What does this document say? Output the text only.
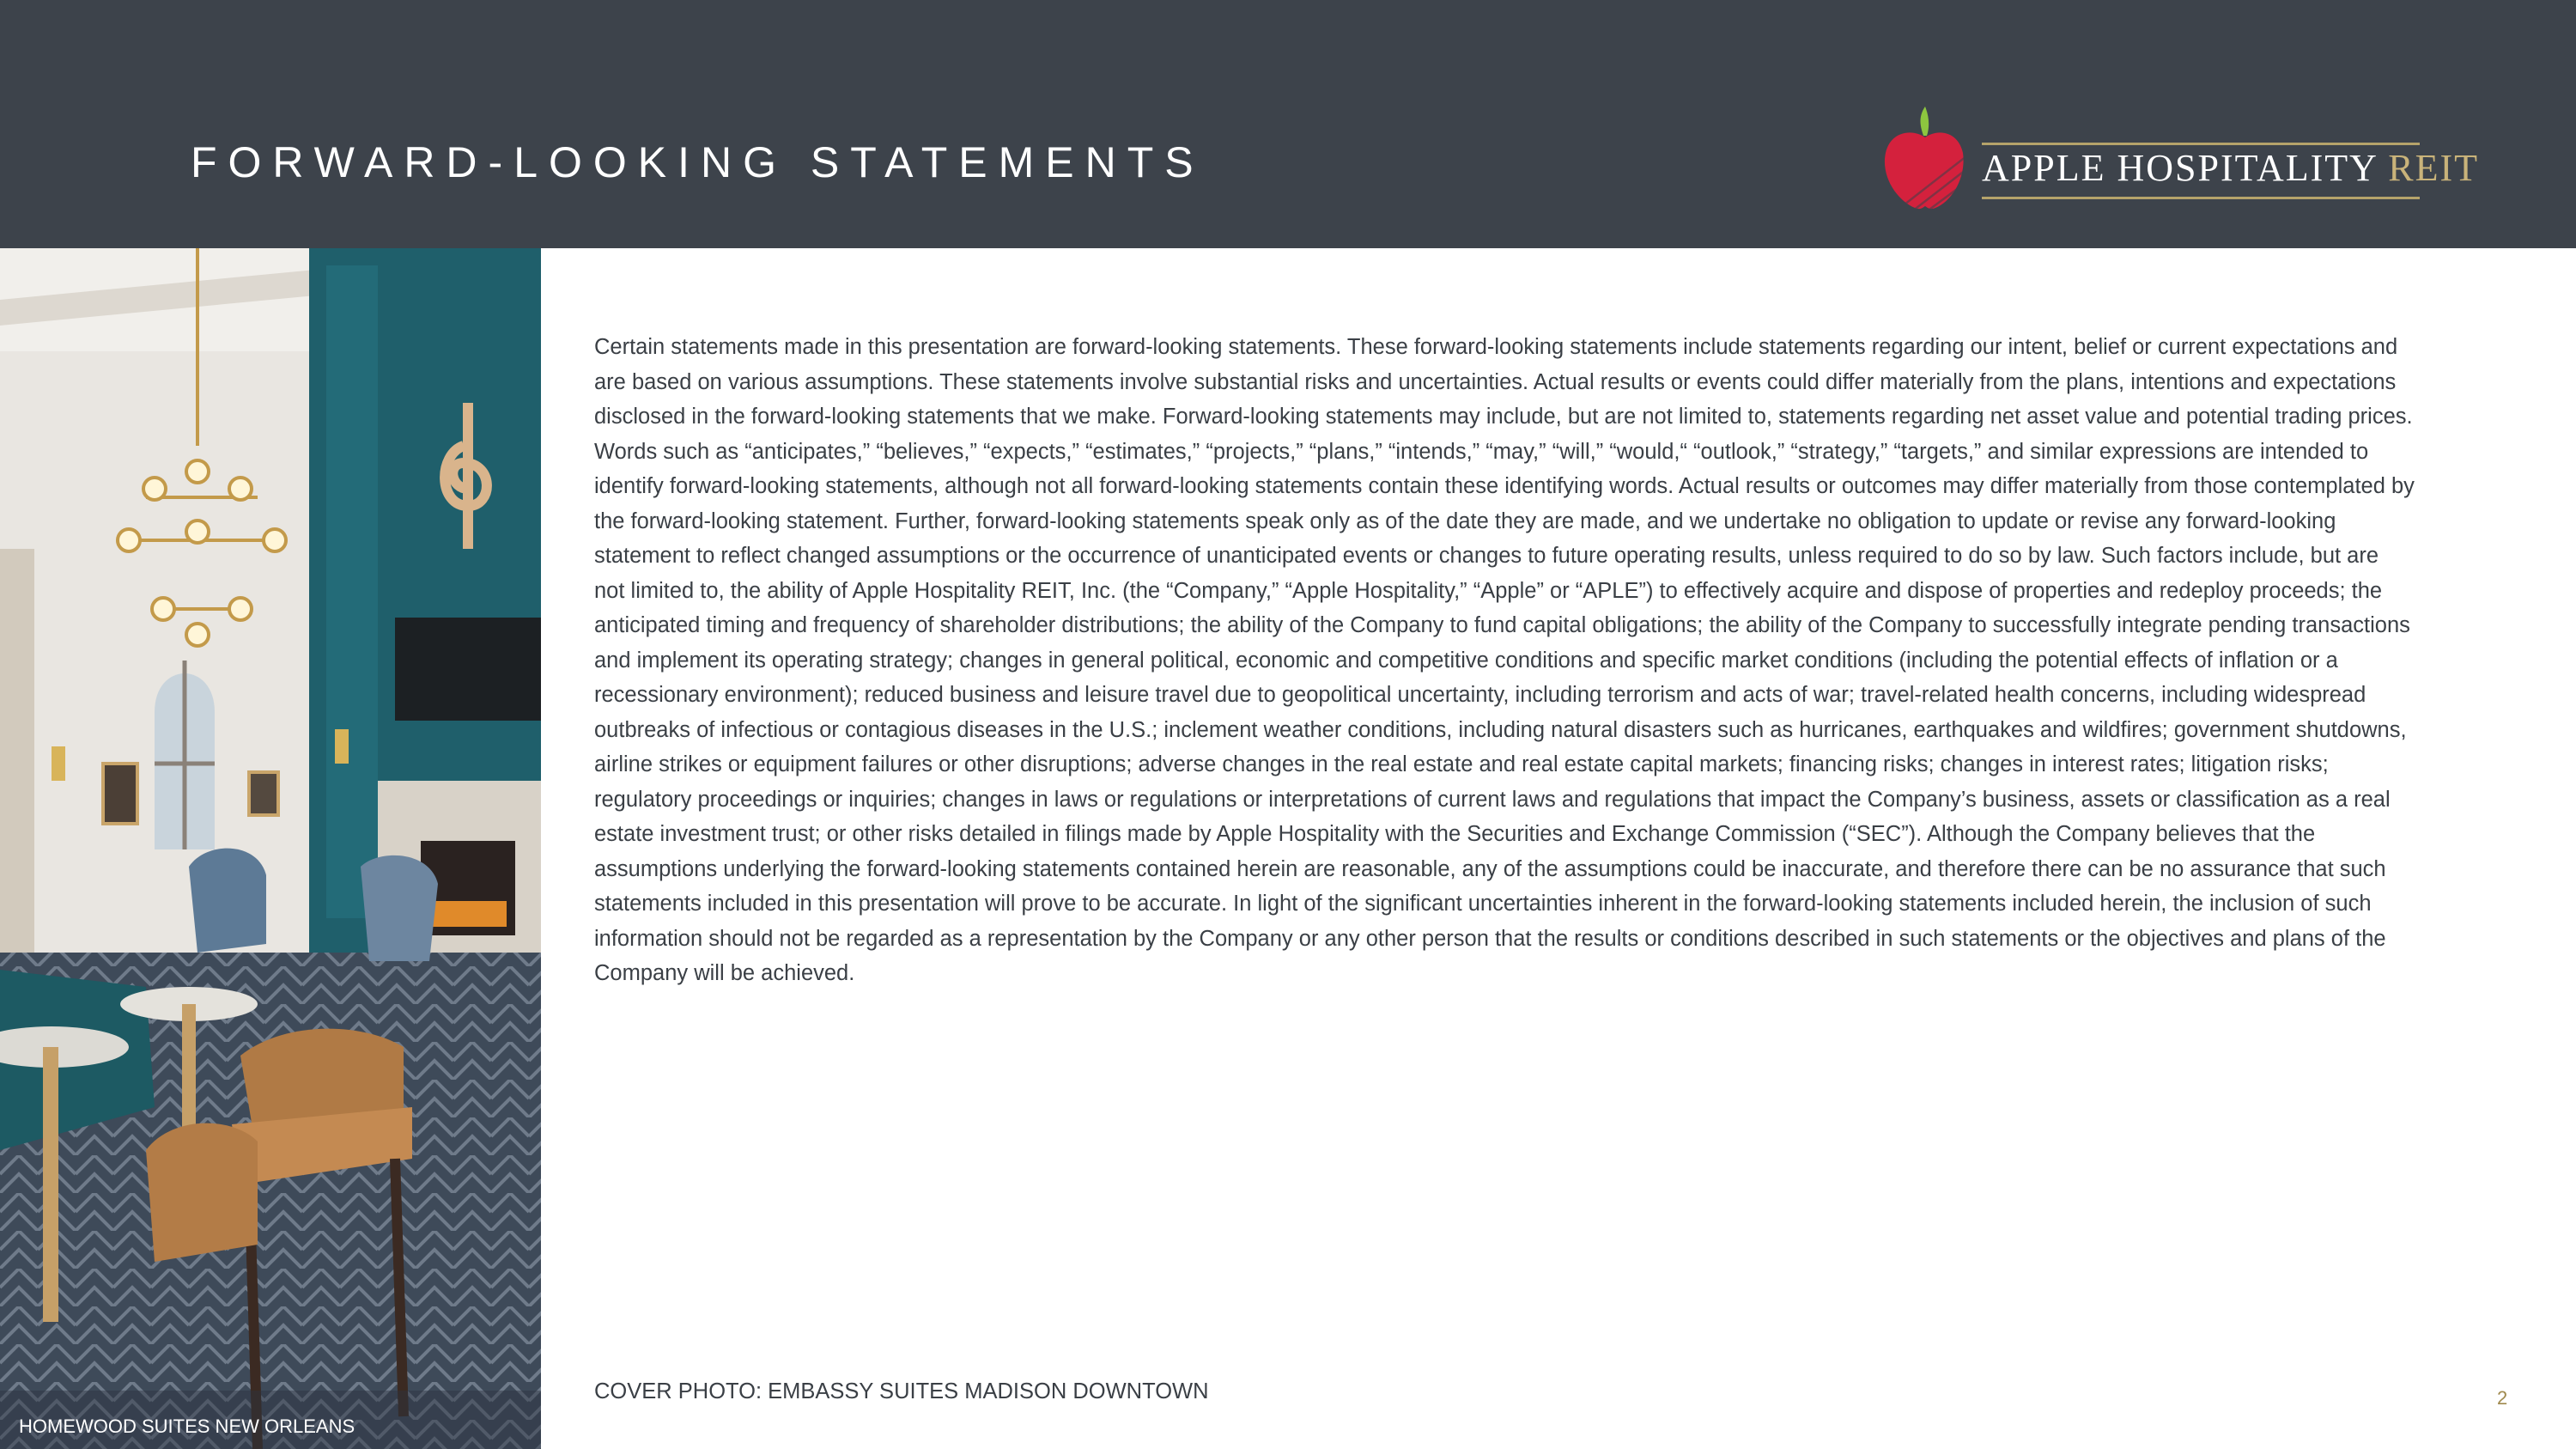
FORWARD-LOOKING STATEMENTS	APPLE HOSPITALITY REIT
HOMEWOOD SUITES NEW ORLEANS

Certain statements made in this presentation are forward-looking statements. These forward-looking statements include statements regarding our intent, belief or current expectations and are based on various assumptions. These statements involve substantial risks and uncertainties. Actual results or events could differ materially from the plans, intentions and expectations disclosed in the forward-looking statements that we make. Forward-looking statements may include, but are not limited to, statements regarding net asset value and potential trading prices. Words such as “anticipates,” “believes,” “expects,” “estimates,” “projects,” “plans,” “intends,” “may,” “will,” “would,“ “outlook,” “strategy,” “targets,” and similar expressions are intended to identify forward-looking statements, although not all forward-looking statements contain these identifying words. Actual results or outcomes may differ materially from those contemplated by the forward-looking statement. Further, forward-looking statements speak only as of the date they are made, and we undertake no obligation to update or revise any forward-looking statement to reflect changed assumptions or the occurrence of unanticipated events or changes to future operating results, unless required to do so by law. Such factors include, but are not limited to, the ability of Apple Hospitality REIT, Inc. (the “Company,” “Apple Hospitality,” “Apple” or “APLE”) to effectively acquire and dispose of properties and redeploy proceeds; the anticipated timing and frequency of shareholder distributions; the ability of the Company to fund capital obligations; the ability of the Company to successfully integrate pending transactions and implement its operating strategy; changes in general political, economic and competitive conditions and specific market conditions (including the potential effects of inflation or a recessionary environment); reduced business and leisure travel due to geopolitical uncertainty, including terrorism and acts of war; travel-related health concerns, including widespread outbreaks of infectious or contagious diseases in the U.S.; inclement weather conditions, including natural disasters such as hurricanes, earthquakes and wildfires; government shutdowns, airline strikes or equipment failures or other disruptions; adverse changes in the real estate and real estate capital markets; financing risks; changes in interest rates; litigation risks; regulatory proceedings or inquiries; changes in laws or regulations or interpretations of current laws and regulations that impact the Company’s business, assets or classification as a real estate investment trust; or other risks detailed in filings made by Apple Hospitality with the Securities and Exchange Commission (“SEC”). Although the Company believes that the assumptions underlying the forward-looking statements contained herein are reasonable, any of the assumptions could be inaccurate, and therefore there can be no assurance that such statements included in this presentation will prove to be accurate. In light of the significant uncertainties inherent in the forward-looking statements included herein, the inclusion of such information should not be regarded as a representation by the Company or any other person that the results or conditions described in such statements or the objectives and plans of the Company will be achieved.

COVER PHOTO: EMBASSY SUITES MADISON DOWNTOWN	2
